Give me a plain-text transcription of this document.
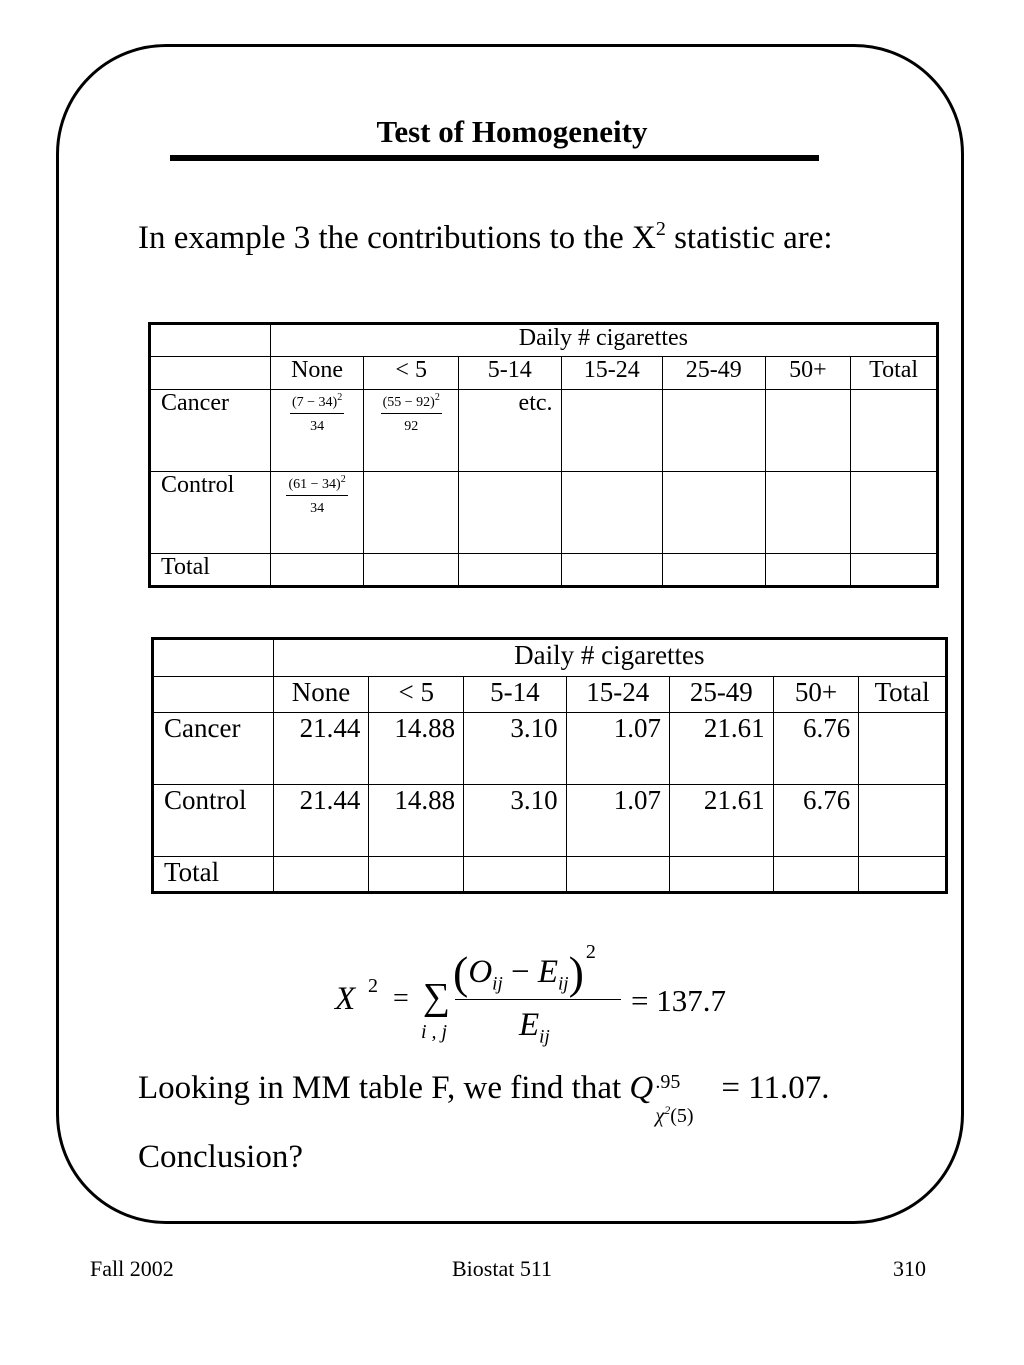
Test of Homogeneity
In example 3 the contributions to the $X^2$ statistic are:
	Daily # cigarettes						
	None	< 5	5-14	15-24	25-49	50+	Total
Cancer	$\frac{(7 - 34)^2}{34}$	$\frac{(55 - 92)^2}{92}$	etc.				
Control	$\frac{(61 - 34)^2}{34}$

Total							
	Daily # cigarettes						
	None	< 5	5-14	15-24	25-49	50+	Total
Cancer	21.44	14.88	3.10	1.07	21.61	6.76	
Control	21.44	14.88	3.10	1.07	21.61	6.76	
Total							
X 2 = ∑
i , j
$(O_{ij} - E_{ij})$ $^2$
$E_{ij}$
= 137.7
Looking in MM table F, we find that Q .95
$\chi^2(5)$
= 11.07.
Conclusion?
Fall 2002	Biostat 511	310
